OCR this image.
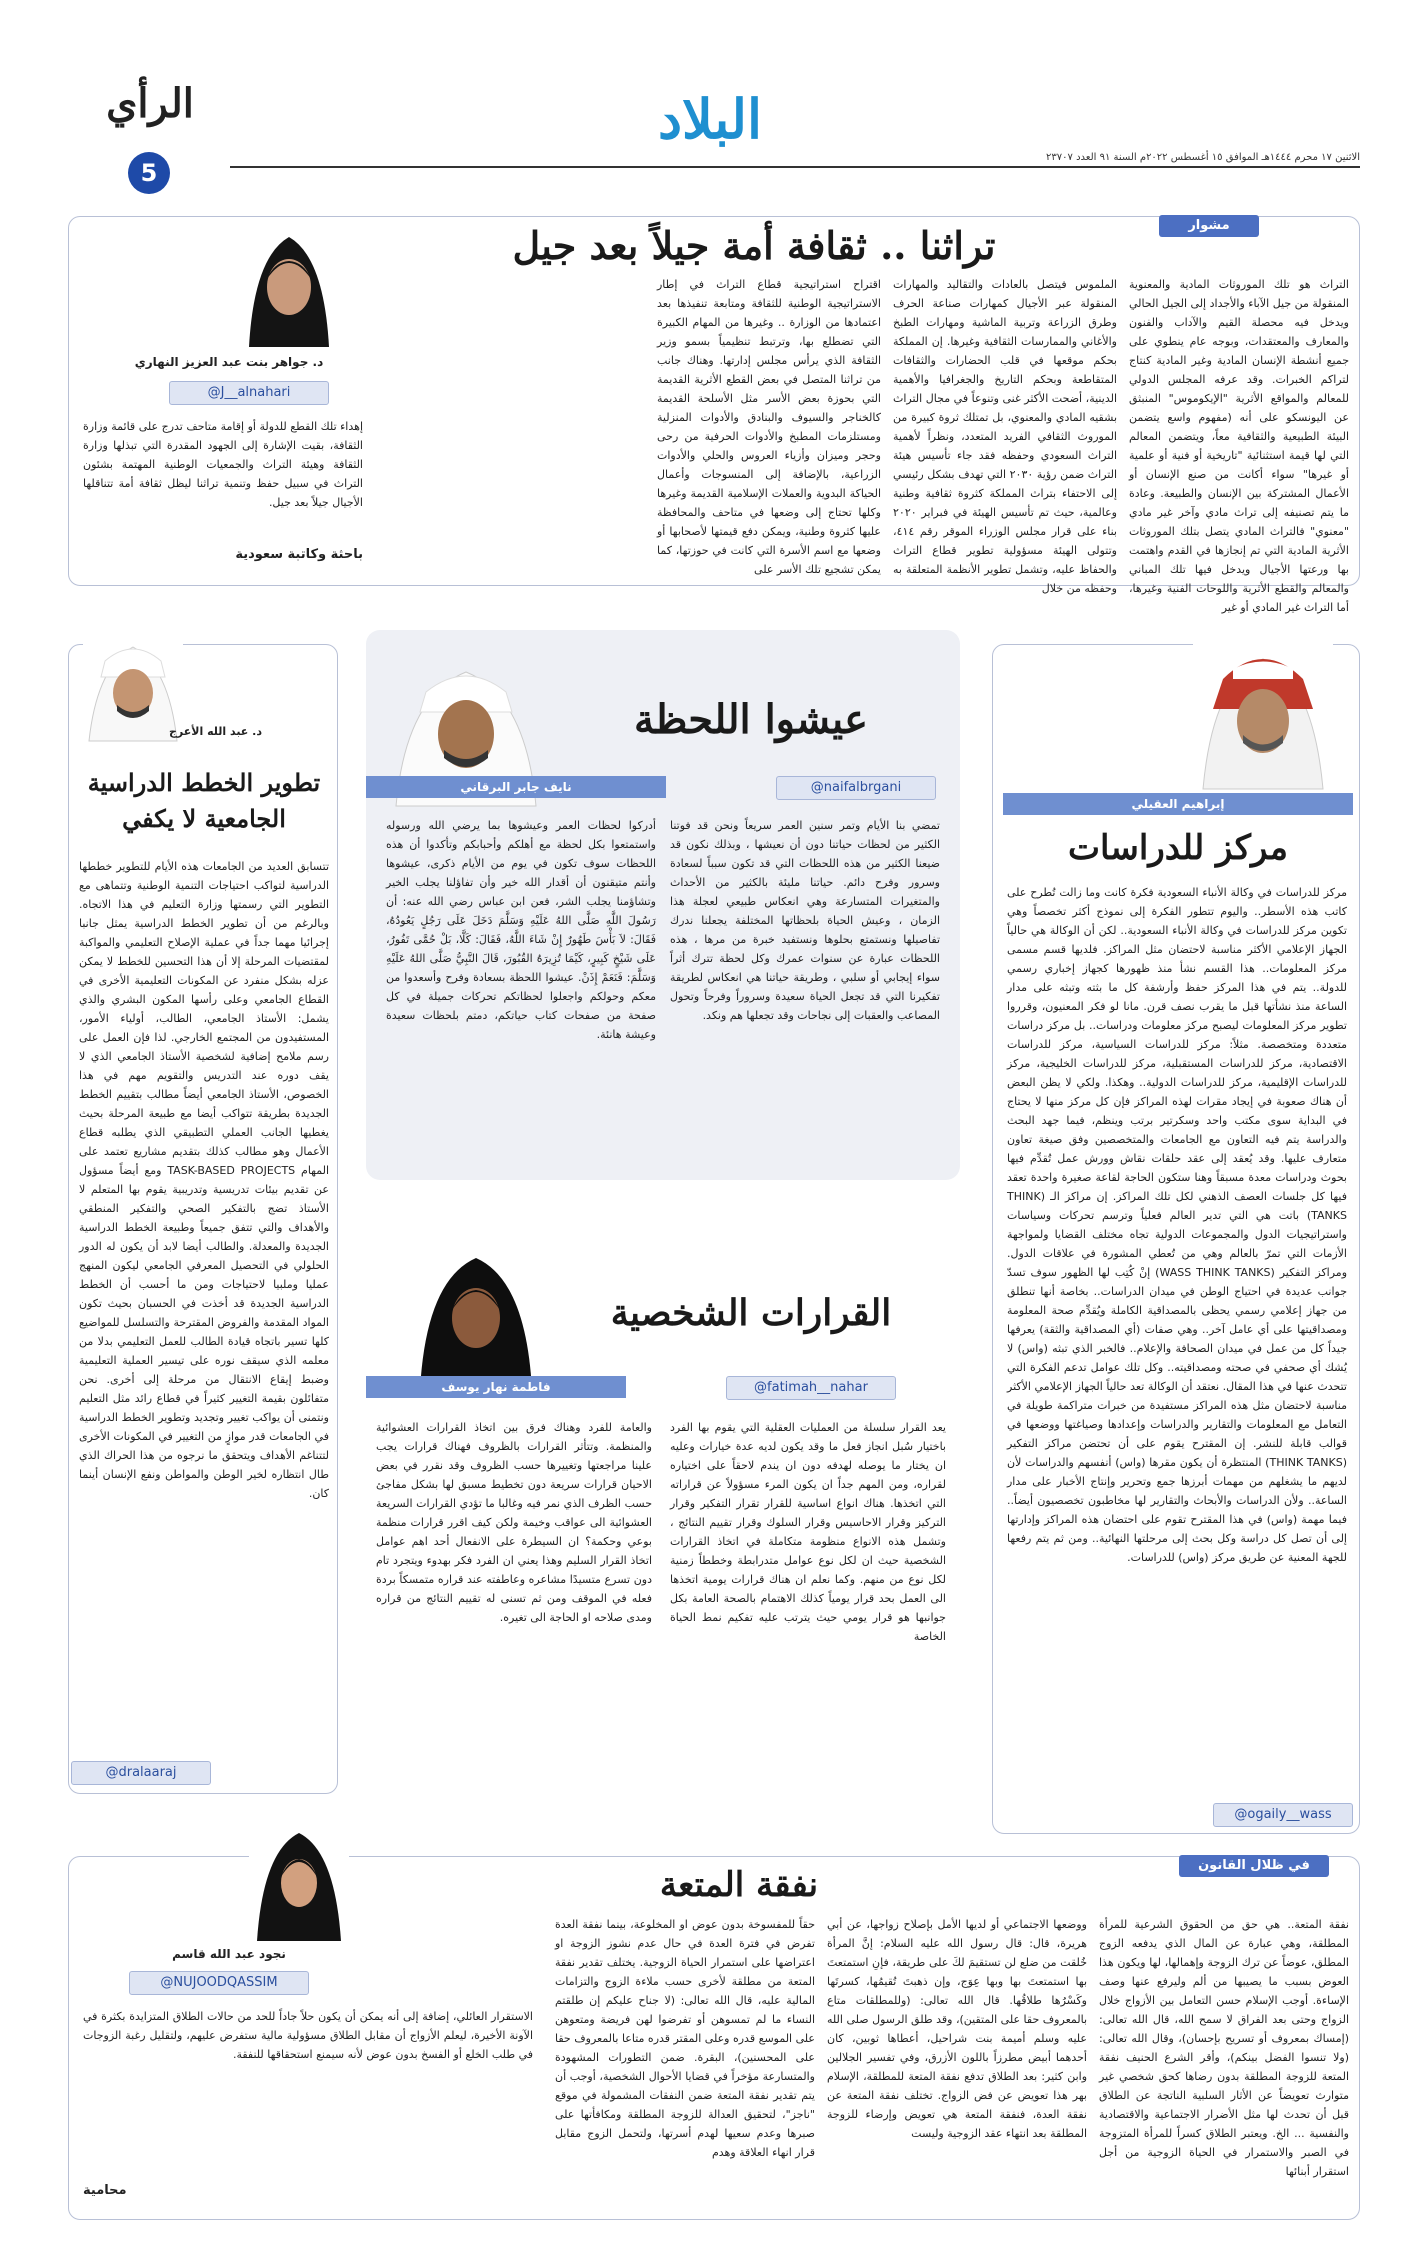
البلاد
الاثنين ١٧ محرم ١٤٤٤هـ الموافق ١٥ أغسطس ٢٠٢٢م السنة ٩١ العدد ٢٣٧٠٧
الرأي
5
مشوار
تراثنا .. ثقافة أمة جيلاً بعد جيل
التراث هو تلك الموروثات المادية والمعنوية المنقولة من جيل الآباء والأجداد إلى الجيل الحالي ويدخل فيه محصلة القيم والآداب والفنون والمعارف والمعتقدات، وبوجه عام ينطوي على جميع أنشطة الإنسان المادية وغير المادية كنتاج لتراكم الخبرات. وقد عرفه المجلس الدولي للمعالم والمواقع الأثرية "الإيكوموس" المنبثق عن اليونسكو على أنه (مفهوم واسع يتضمن البيئة الطبيعية والثقافية معاً، ويتضمن المعالم التي لها قيمة استثنائية "تاريخية أو فنية أو علمية أو غيرها" سواء أكانت من صنع الإنسان أو الأعمال المشتركة بين الإنسان والطبيعة. وعادة ما يتم تصنيفه إلى تراث مادي وآخر غير مادي "معنوي" فالتراث المادي يتصل بتلك الموروثات الأثرية المادية التي تم إنجازها في القدم واهتمت بها ورعتها الأجيال ويدخل فيها تلك المباني والمعالم والقطع الأثرية واللوحات الفنية وغيرها، أما التراث غير المادي أو غير
الملموس فيتصل بالعادات والتقاليد والمهارات المنقولة عبر الأجيال كمهارات صناعة الحرف وطرق الزراعة وتربية الماشية ومهارات الطبخ والأغاني والممارسات الثقافية وغيرها. إن المملكة بحكم موقعها في قلب الحضارات والثقافات المتقاطعة وبحكم التاريخ والجغرافيا والأهمية الدينية، أضحت الأكثر غنى وتنوعاً في مجال التراث بشقيه المادي والمعنوي، بل تمتلك ثروة كبيرة من الموروث الثقافي الفريد المتعدد، ونظراً لأهمية التراث السعودي وحفظه فقد جاء تأسيس هيئة التراث ضمن رؤية ٢٠٣٠ التي تهدف بشكل رئيسي إلى الاحتفاء بتراث المملكة كثروة ثقافية وطنية وعالمية، حيث تم تأسيس الهيئة في فبراير ٢٠٢٠ بناء على قرار مجلس الوزراء الموقر رقم ٤١٤، وتتولى الهيئة مسؤولية تطوير قطاع التراث والحفاظ عليه، وتشمل تطوير الأنظمة المتعلقة به وحفظه من خلال
اقتراح استراتيجية قطاع التراث في إطار الاستراتيجية الوطنية للثقافة ومتابعة تنفيذها بعد اعتمادها من الوزارة .. وغيرها من المهام الكبيرة التي تضطلع بها، وترتبط تنظيمياً بسمو وزير الثقافة الذي يرأس مجلس إدارتها. وهناك جانب من تراثنا المتصل في بعض القطع الأثرية القديمة التي بحوزة بعض الأسر مثل الأسلحة القديمة كالخناجر والسيوف والبنادق والأدوات المنزلية ومستلزمات المطبخ والأدوات الحرفية من رحى وحجر وميزان وأزياء العروس والحلي والأدوات الزراعية، بالإضافة إلى المنسوجات وأعمال الحياكة البدوية والعملات الإسلامية القديمة وغيرها وكلها تحتاج إلى وضعها في متاحف والمحافظة عليها كثروة وطنية، ويمكن دفع قيمتها لأصحابها أو وضعها مع اسم الأسرة التي كانت في حوزتها، كما يمكن تشجيع تلك الأسر على
د. جواهر بنت عبد العزيز النهاري
@J__alnahari
إهداء تلك القطع للدولة أو إقامة متاحف تدرج على قائمة وزارة الثقافة، بقيت الإشارة إلى الجهود المقدرة التي تبذلها وزارة الثقافة وهيئة التراث والجمعيات الوطنية المهتمة بشئون التراث في سبيل حفظ وتنمية تراثنا ليظل ثقافة أمة تتناقلها الأجيال جيلاً بعد جيل.
باحثة وكاتبة سعودية
إبراهيم العقيلي
مركز للدراسات
مركز للدراسات في وكالة الأنباء السعودية فكرة كانت وما زالت تُطرح على كاتب هذه الأسطر.. واليوم تتطور الفكرة إلى نموذج أكثر تخصصاً وهي تكوين مركز للدراسات في وكالة الأنباء السعودية.. لكن أن الوكالة هي حالياً الجهاز الإعلامي الأكثر مناسبة لاحتضان مثل المراكز. فلديها قسم مسمى مركز المعلومات.. هذا القسم نشأ منذ ظهورها كجهاز إخباري رسمي للدولة.. يتم في هذا المركز حفظ وأرشفة كل ما بثته وتبثه على مدار الساعة منذ نشأتها قبل ما يقرب نصف قرن. مانا لو فكر المعنيون، وقرروا تطوير مركز المعلومات ليصبح مركز معلومات ودراسات.. بل مركز دراسات متعددة ومتخصصة. مثلاً: مركز للدراسات السياسية، مركز للدراسات الاقتصادية، مركز للدراسات المستقبلية، مركز للدراسات الخليجية، مركز للدراسات الإقليمية، مركز للدراسات الدولية.. وهكذا. ولكي لا يظن البعض أن هناك صعوبة في إيجاد مقرات لهذه المراكز فإن كل مركز منها لا يحتاج في البداية سوى مكتب واحد وسكرتير برتب وينظم، فيما جهد البحث والدراسة يتم فيه التعاون مع الجامعات والمتخصصين وفق صيغة تعاون متعارف عليها. وقد يُعقد إلى عقد حلقات نقاش وورش عمل تُقدِّم فيها بحوث ودراسات معدة مسبقاً وهنا ستكون الحاجة لقاعة صغيرة واحدة تعقد فيها كل جلسات العصف الذهني لكل تلك المراكز. إن مراكز الـ (THINK TANKS) باتت هي التي تدير العالم فعلياً وترسم تحركات وسياسات واستراتيجيات الدول والمجموعات الدولية تجاه مختلف القضايا ولمواجهة الأزمات التي تمرّ بالعالم وهي من تُعطي المشورة في علاقات الدول. ومراكز التفكير (WASS THINK TANKS) إنْ كُتِب لها الظهور سوف تسدّ جوانب عديدة في احتياج الوطن في ميدان الدراسات.. بخاصة أنها تنطلق من جهاز إعلامي رسمي يحظى بالمصداقية الكاملة ويُقدِّم صحة المعلومة ومصداقيتها على أي عامل آخر.. وهي صفات (أي المصداقية والثقة) يعرفها جيداً كل من عمل في ميدان الصحافة والإعلام.. فالخبر الذي تبثه (واس) لا يُشك أي صحفي في صحته ومصداقيته.. وكل تلك عوامل تدعم الفكرة التي تتحدث عنها في هذا المقال. نعتقد أن الوكالة تعد حالياً الجهاز الإعلامي الأكثر مناسبة لاحتضان مثل هذه المراكز مستفيدة من خبرات متراكمة طويلة في التعامل مع المعلومات والتقارير والدراسات وإعدادها وصياغتها ووضعها في قوالب قابلة للنشر. إن المقترح يقوم على أن تحتضن مراكز التفكير (THINK TANKS) المنتظرة أن يكون مقرها (واس) أنفسهم والدراسات لأن لديهم ما يشغلهم من مهمات أبرزها جمع وتحرير وإنتاج الأخبار على مدار الساعة.. ولأن الدراسات والأبحاث والتقارير لها مخاطبون تخصصيون أيضاً.. فيما مهمة (واس) في هذا المقترح تقوم على احتضان هذه المراكز وإدارتها إلى أن تصل كل دراسة وكل بحث إلى مرحلتها النهائية.. ومن ثم يتم رفعها للجهة المعنية عن طريق مركز (واس) للدراسات.
@ogaily__wass
عيشوا اللحظة
نايف جابر البرقاني	@naifalbrgani
تمضي بنا الأيام وتمر سنين العمر سريعاً ونحن قد فوتنا الكثير من لحظات حياتنا دون أن نعيشها ، وبذلك نكون قد ضيعنا الكثير من هذه اللحظات التي قد تكون سبباً لسعادة وسرور وفرح دائم. حياتنا مليئة بالكثير من الأحداث والمتغيرات المتسارعة وهي انعكاس طبيعي لعجلة هذا الزمان ، وعيش الحياة بلحظاتها المختلفة يجعلنا ندرك تفاصيلها ونستمتع بحلوها ونستفيد خبرة من مرها ، هذه اللحظات عبارة عن سنوات عمرك وكل لحظة تترك أثراً سواء إيجابي أو سلبي ، وطريقة حياتنا هي انعكاس لطريقة تفكيرنا التي قد تجعل الحياة سعيدة وسروراً وفرحاً وتحول المصاعب والعقبات إلى نجاحات وقد تجعلها هم ونكد.
أدركوا لحظات العمر وعيشوها بما يرضي الله ورسوله واستمتعوا بكل لحظة مع أهلكم وأحبابكم وتأكدوا أن هذه اللحظات سوف تكون في يوم من الأيام ذكرى، عيشوها وأنتم متيقنون أن أقدار الله خير وأن تفاؤلنا يجلب الخير وتشاؤمنا يجلب الشر، فعن ابن عباس رضي الله عنه: أن رَسُولَ اللَّهِ صَلَّى اللهُ عَلَيْهِ وَسَلَّمَ دَخَلَ عَلَى رَجُلٍ يَعُودُهُ، فَقَالَ: لاَ بَأْسَ طَهُورٌ إِنْ شَاءَ اللَّهُ، فَقَالَ: كَلَّا، بَلْ حُمَّى تَفُورُ، عَلَى شَيْخٍ كَبِيرٍ، كَيْمَا تُزِيرَهُ القُبُورَ، قَالَ النَّبِيُّ صَلَّى اللهُ عَلَيْهِ وَسَلَّمَ: فَنَعَمْ إِذَنْ. عيشوا اللحظة بسعادة وفرح وأسعدوا من معكم وحولكم واجعلوا لحظاتكم تحركات جميلة في كل صفحة من صفحات كتاب حياتكم، دمتم بلحظات سعيدة وعيشة هانئة.
د. عبد الله الأعرج
تطوير الخطط الدراسية الجامعية لا يكفي
تتسابق العديد من الجامعات هذه الأيام للتطوير خططها الدراسية لتواكب احتياجات التنمية الوطنية وتتماهى مع التطوير التي رسمتها وزارة التعليم في هذا الاتجاه. وبالرغم من أن تطوير الخطط الدراسية يمثل جانبا إجرائيا مهما جداً في عملية الإصلاح التعليمي والمواكبة لمقتضيات المرحلة إلا أن هذا التحسين للخطط لا يمكن عزله بشكل منفرد عن المكونات التعليمية الأخرى في القطاع الجامعي وعلى رأسها المكون البشري والذي يشمل: الأستاذ الجامعي، الطالب، أولياء الأمور، المستفيدون من المجتمع الخارجي. لذا فإن العمل على رسم ملامح إضافية لشخصية الأستاذ الجامعي الذي لا يقف دوره عند التدريس والتقويم مهم في هذا الخصوص، الأستاذ الجامعي أيضاً مطالب بتقييم الخطط الجديدة بطريقة تتواكب أيضا مع طبيعة المرحلة بحيث يغطيها الجانب العملي التطبيقي الذي يطلبه قطاع الأعمال وهو مطالب كذلك بتقديم مشاريع تعتمد على المهام TASK-BASED PROJECTS ومع أيضاً مسؤول عن تقديم بيئات تدريسية وتدريبية يقوم بها المتعلم لا الأستاذ تضج بالتفكير الصحي والتفكير المنطقي والأهداف والتي تتفق جميعاً وطبيعة الخطط الدراسية الجديدة والمعدلة. والطالب أيضا لابد أن يكون له الدور الحلولي في التحصيل المعرفي الجامعي ليكون المنهج عمليا وملبيا لاحتياجات ومن ما أحسب أن الخطط الدراسية الجديدة قد أخذت في الحسبان بحيث تكون المواد المقدمة والفروض المقترحة والتسلسل للمواضيع كلها تسير باتجاه قيادة الطالب للعمل التعليمي بدلا من معلمه الذي سيقف نوره على تيسير العملية التعليمية وضبط إيقاع الانتقال من مرحلة إلى أخرى. نحن متفائلون بقيمة التغيير كثيراً في قطاع رائد مثل التعليم ونتمنى أن يواكب تغيير وتجديد وتطوير الخطط الدراسية في الجامعات قدر موازٍ من التغيير في المكونات الأخرى لتتناغم الأهداف ويتحقق ما نرجوه من هذا الحراك الذي طال انتظاره لخير الوطن والمواطن ونفع الإنسان أينما كان.
@dralaaraj
القرارات الشخصية
فاطمة نهار يوسف	@fatimah__nahar
يعد القرار سلسلة من العمليات العقلية التي يقوم بها الفرد باختيار سُبل انجاز فعل ما وقد يكون لديه عدة خيارات وعليه ان يختار ما يوصله لهدفه دون ان يندم لاحقاً على اختياره لقراره، ومن المهم جداً ان يكون المرء مسؤولاً عن قراراته التي اتخذها. هناك انواع اساسية للقرار تقرار التفكير وقرار التركيز وقرار الاحاسيس وقرار السلوك وقرار تقييم النتائج ، وتشمل هذه الانواع منظومة متكاملة في اتخاذ القرارات الشخصية حيث ان لكل نوع عوامل متدرابطة وخططاً زمنية لكل نوع من منهم. وكما نعلم ان هناك قرارات يومية اتخذها الى العمل بحد قرار يومياً كذلك الاهتمام بالصحة العامة بكل جوانبها هو قرار يومي حيث يترتب عليه تفكيم نمط الحياة الخاصة
والعامة للفرد وهناك فرق بين اتخاذ القرارات العشوائية والمنظمة. وتتأثر القرارات بالظروف فهناك قرارات يجب علينا مراجعتها وتغييرها حسب الظروف وقد نقرر في بعض الاحيان قرارات سريعة دون تخطيط مسبق لها بشكل مفاجئ حسب الظرف الذي نمر فيه وغالبا ما تؤدي القرارات السريعة العشوائية الى عواقب وخيمة ولكن كيف اقرر قرارات منظمة بوعي وحكمة؟ ان السيطرة على الانفعال أحد اهم عوامل اتخاذ القرار السليم وهذا يعني ان الفرد فكر بهدوء ويتجرد تام دون تسرع متسيدًا مشاعره وعاطفته عند قراره متمسكاً بردة فعله في الموقف ومن ثم تسنى له تقييم النتائج من قراره ومدى صلاحه او الحاجة الى تغيره.
في ظلال القانون
نفقة المتعة
نفقة المتعة.. هي حق من الحقوق الشرعية للمرأة المطلقة، وهي عبارة عن المال الذي يدفعه الزوج المطلق، عوضاً عن ترك الزوجة وإهمالها، لها ويكون هذا العوض بسبب ما يصيبها من ألم وليرفع عنها وصف الإساءة. أوجب الإسلام حسن التعامل بين الأزواج خلال الزواج وحتى بعد الفراق لا سمح الله، قال الله تعالى: (إمساك بمعروف أو تسريح بإحسان)، وقال الله تعالى: (ولا تنسوا الفضل بينكم)، وأقر الشرع الحنيف نفقة المتعة للزوجة المطلقة بدون رضاها كحق شخصي غير متوارث تعويضاً عن الأثار السلبية الناتجة عن الطلاق قبل أن تحدث لها مثل الأضرار الاجتماعية والاقتصادية والنفسية ... الخ. ويعتبر الطلاق كسراً للمرأة المتزوجة في الصبر والاستمرار في الحياة الزوجية من أجل استقرار أبنائها
ووضعها الاجتماعي أو لديها الأمل بإصلاح زواجها، عن أبي هريرة، قال: قال رسول الله عليه السلام: إنَّ المرأة خُلقت من ضلع لن تستقيمَ لكَ على طريقة، فإنِ استمتعتَ بها استمتعتَ بها وبها عِوَج، وإن ذهبتَ تُقيمُها، كسرتَها وكَسْرُها طلاقُها. قال الله تعالى: (وللمطلقات متاع بالمعروف حقا على المتقين)، وقد طلق الرسول صلى الله عليه وسلم أميمة بنت شراحيل، أعطاها ثوبين، كان أحدهما أبيض مطرزاً باللون الأزرق، وفي تفسير الجلالين وابن كثير: بعد الطلاق تدفع نفقة المتعة للمطلقة، الإسلام بهر هذا تعويض عن فض الزواج. تختلف نفقة المتعة عن نفقة العدة، فنفقة المتعة هي تعويض وإرضاء للزوجة المطلقة بعد انتهاء عقد الزوجية وليست
حقاً للمفسوخة بدون عوض او المخلوعة، بينما نفقة العدة تفرض في فترة العدة في حال عدم نشوز الزوجة او اعتراضها على استمرار الحياة الزوجية. يختلف تقدير نفقة المتعة من مطلقة لأخرى حسب ملاءة الزوج والتزامات المالية عليه، قال الله تعالى: (لا جناح عليكم إن طلقتم النساء ما لم تمسوهن أو تفرضوا لهن فريضة ومتعوهن على الموسع قدره وعلى المقتر قدره متاعا بالمعروف حقا على المحسنين)، البقرة. ضمن التطورات المشهودة والمتسارعة مؤخراً في قضايا الأحوال الشخصية، أوجب أن يتم تقدير نفقة المتعة ضمن النفقات المشمولة في موقع "ناجز"، لتحقيق العدالة للزوجة المطلقة ومكافأتها على صبرها وعدم سعيها لهدم أسرتها، ولتحمل الزوج مقابل قرار انهاء العلاقة وهدم
نجود عبد الله قاسم
@NUJOODQASSIM
الاستقرار العائلي، إضافة إلى أنه يمكن أن يكون حلاً جاداً للحد من حالات الطلاق المتزايدة بكثرة في الآونة الأخيرة، ليعلم الأزواج أن مقابل الطلاق مسؤولية مالية ستفرض عليهم، ولتقليل رغبة الزوجات في طلب الخلع أو الفسخ بدون عوض لأنه سيمنع استحقاقها للنفقة.
محامية
